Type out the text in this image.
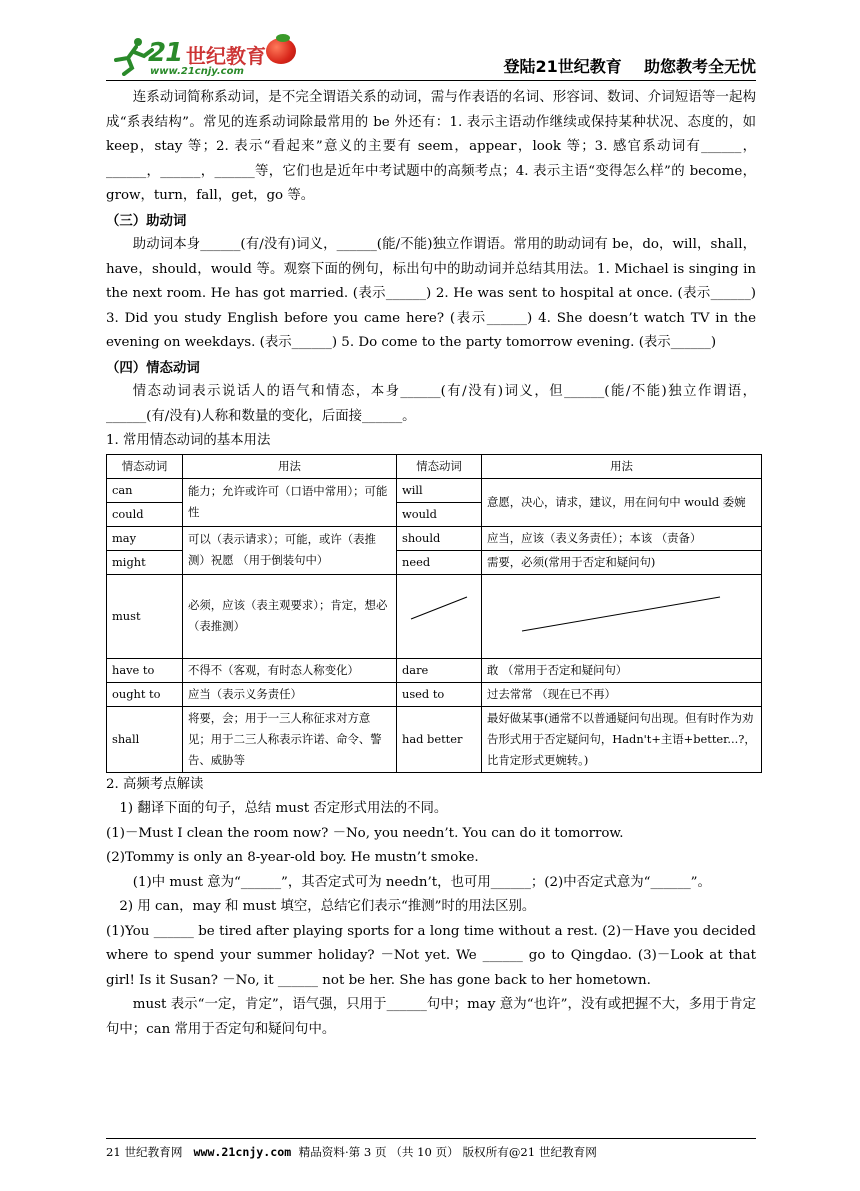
21 世纪教育
www.21cnjy.com	登陆21世纪教育    助您教考全无忧

连系动词简称系动词，是不完全谓语关系的动词，需与作表语的名词、形容词、数词、介词短语等一起构成“系表结构”。常见的连系动词除最常用的 be 外还有：1. 表示主语动作继续或保持某种状况、态度的，如 keep，stay 等；2. 表示“看起来”意义的主要有 seem，appear，look 等；3. 感官系动词有______，______，______，______等，它们也是近年中考试题中的高频考点；4. 表示主语“变得怎么样”的 become，grow，turn，fall，get，go 等。

（三）助动词

助动词本身______(有/没有)词义，______(能/不能)独立作谓语。常用的助动词有 be，do，will，shall，have，should，would 等。观察下面的例句，标出句中的助动词并总结其用法。1. Michael is singing in the next room. He has got married. (表示______) 2. He was sent to hospital at once. (表示______) 3. Did you study English before you came here? (表示______) 4. She doesn’t watch TV in the evening on weekdays. (表示______) 5. Do come to the party tomorrow evening. (表示______)

（四）情态动词

情态动词表示说话人的语气和情态，本身______(有/没有)词义，但______(能/不能)独立作谓语，______(有/没有)人称和数量的变化，后面接______。

1. 常用情态动词的基本用法

情态动词	用法	情态动词	用法
can	能力；允许或许可（口语中常用）；可能性	will	意愿，决心，请求，建议，用在问句中 would 委婉
could		would	
may	可以（表示请求）；可能，或许（表推测）祝愿 （用于倒装句中）	should	应当，应该（表义务责任）；本该 （责备）
might		need	需要，必须(常用于否定和疑问句)
must	必须，应该（表主观要求）；肯定，想必（表推测）		
have to	不得不（客观，有时态人称变化）	dare	敢 （常用于否定和疑问句）
ought to	应当（表示义务责任）	used to	过去常常 （现在已不再）
shall	将要，会；用于一三人称征求对方意见；用于二三人称表示许诺、命令、警告、威胁等	had better	最好做某事(通常不以普通疑问句出现。但有时作为劝告形式用于否定疑问句，Hadn't+主语+better...?，比肯定形式更婉转。)

2. 高频考点解读

1) 翻译下面的句子，总结 must 否定形式用法的不同。

(1)－Must I clean the room now? －No, you needn’t. You can do it tomorrow.

(2)Tommy is only an 8-year-old boy. He mustn’t smoke.

(1)中 must 意为“______”，其否定式可为 needn’t，也可用______；(2)中否定式意为“______”。

2) 用 can，may 和 must 填空，总结它们表示“推测”时的用法区别。

(1)You ______ be tired after playing sports for a long time without a rest. (2)－Have you decided where to spend your summer holiday? －Not yet. We ______ go to Qingdao. (3)－Look at that girl! Is it Susan? －No, it ______ not be her. She has gone back to her hometown.

must 表示“一定，肯定”，语气强，只用于______句中；may 意为“也许”，没有或把握不大，多用于肯定句中；can 常用于否定句和疑问句中。

21 世纪教育网 www.21cnjy.com 精品资料·第 3 页 （共 10 页） 版权所有@21 世纪教育网
